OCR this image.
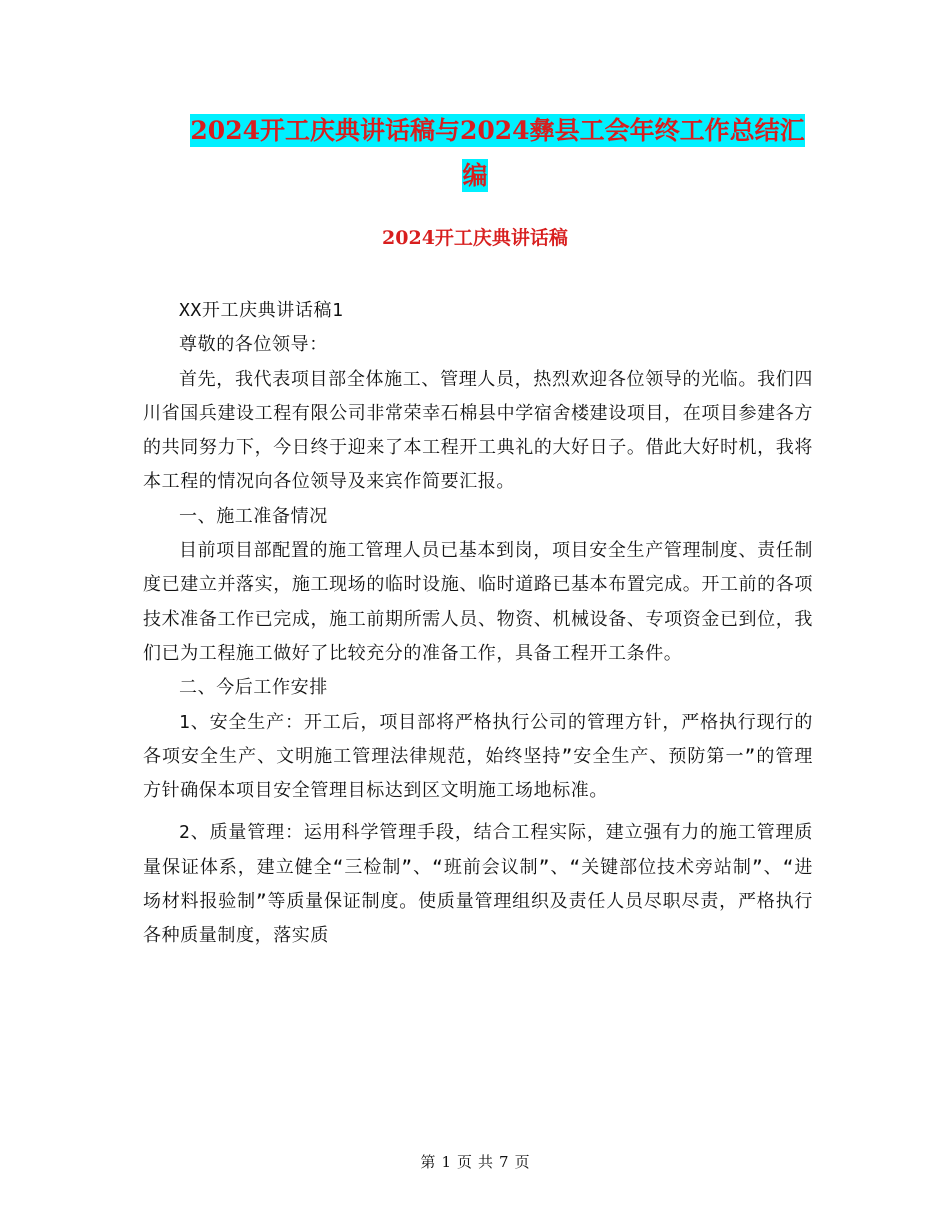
2024开工庆典讲话稿与2024彝县工会年终工作总结汇
编
2024开工庆典讲话稿

XX开工庆典讲话稿1

尊敬的各位领导：

首先，我代表项目部全体施工、管理人员，热烈欢迎各位领导的光临。我们四川省国兵建设工程有限公司非常荣幸石棉县中学宿舍楼建设项目，在项目参建各方的共同努力下，今日终于迎来了本工程开工典礼的大好日子。借此大好时机，我将本工程的情况向各位领导及来宾作简要汇报。

一、施工准备情况

目前项目部配置的施工管理人员已基本到岗，项目安全生产管理制度、责任制度已建立并落实，施工现场的临时设施、临时道路已基本布置完成。开工前的各项技术准备工作已完成，施工前期所需人员、物资、机械设备、专项资金已到位，我们已为工程施工做好了比较充分的准备工作，具备工程开工条件。

二、今后工作安排

1、安全生产：开工后，项目部将严格执行公司的管理方针，严格执行现行的各项安全生产、文明施工管理法律规范，始终坚持”安全生产、预防第一”的管理方针确保本项目安全管理目标达到区文明施工场地标准。

2、质量管理：运用科学管理手段，结合工程实际，建立强有力的施工管理质量保证体系，建立健全“三检制”、“班前会议制”、“关键部位技术旁站制”、“进场材料报验制”等质量保证制度。使质量管理组织及责任人员尽职尽责，严格执行各种质量制度，落实质

第 1 页 共 7 页
